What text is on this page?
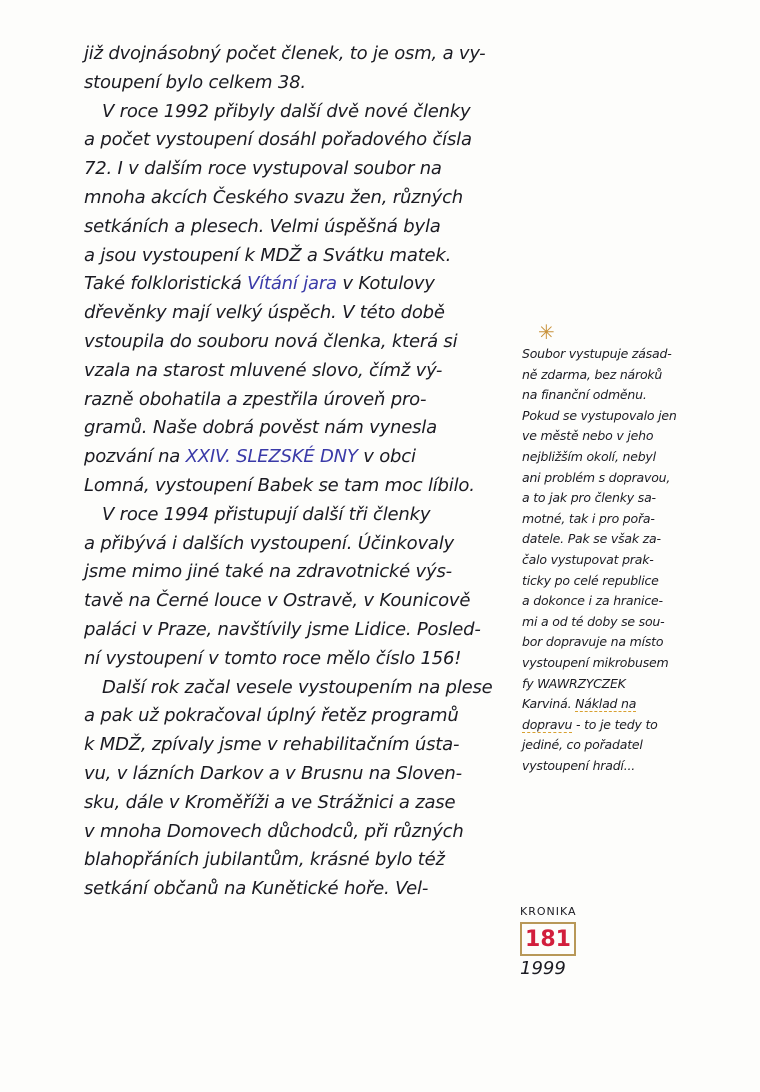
již dvojnásobný počet členek, to je osm, a vy-
stoupení bylo celkem 38.
V roce 1992 přibyly další dvě nové členky
a počet vystoupení dosáhl pořadového čísla
72. I v dalším roce vystupoval soubor na
mnoha akcích Českého svazu žen, různých
setkáních a plesech. Velmi úspěšná byla
a jsou vystoupení k MDŽ a Svátku matek.
Také folkloristická Vítání jara v Kotulovy
dřevěnky mají velký úspěch. V této době
vstoupila do souboru nová členka, která si
vzala na starost mluvené slovo, čímž vý-
razně obohatila a zpestřila úroveň pro-
gramů. Naše dobrá pověst nám vynesla
pozvání na XXIV. SLEZSKÉ DNY v obci
Lomná, vystoupení Babek se tam moc líbilo.
V roce 1994 přistupují další tři členky
a přibývá i dalších vystoupení. Účinkovaly
jsme mimo jiné také na zdravotnické výs-
tavě na Černé louce v Ostravě, v Kounicově
paláci v Praze, navštívily jsme Lidice. Posled-
ní vystoupení v tomto roce mělo číslo 156!
Další rok začal vesele vystoupením na plese
a pak už pokračoval úplný řetěz programů
k MDŽ, zpívaly jsme v rehabilitačním ústa-
vu, v lázních Darkov a v Brusnu na Sloven-
sku, dále v Kroměříži a ve Strážnici a zase
v mnoha Domovech důchodců, při různých
blahopřáních jubilantům, krásné bylo též
setkání občanů na Kunětické hoře. Vel-
✳
Soubor vystupuje zásad-
ně zdarma, bez nároků
na finanční odměnu.
Pokud se vystupovalo jen
ve městě nebo v jeho
nejbližším okolí, nebyl
ani problém s dopravou,
a to jak pro členky sa-
motné, tak i pro pořa-
datele. Pak se však za-
čalo vystupovat prak-
ticky po celé republice
a dokonce i za hranice-
mi a od té doby se sou-
bor dopravuje na místo
vystoupení mikrobusem
fy WAWRZYCZEK
Karviná. Náklad na
dopravu - to je tedy to
jediné, co pořadatel
vystoupení hradí...
KRONIKA
181
1999
